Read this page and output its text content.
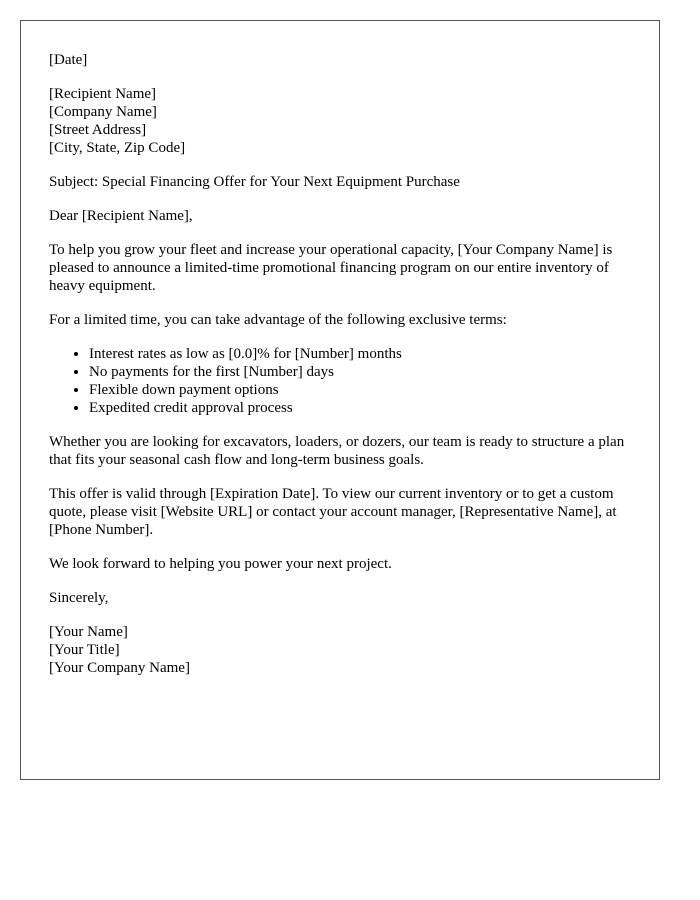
[Date]

[Recipient Name]
[Company Name]
[Street Address]
[City, State, Zip Code]

Subject: Special Financing Offer for Your Next Equipment Purchase

Dear [Recipient Name],

To help you grow your fleet and increase your operational capacity, [Your Company Name] is pleased to announce a limited-time promotional financing program on our entire inventory of heavy equipment.

For a limited time, you can take advantage of the following exclusive terms:

• Interest rates as low as [0.0]% for [Number] months
• No payments for the first [Number] days
• Flexible down payment options
• Expedited credit approval process

Whether you are looking for excavators, loaders, or dozers, our team is ready to structure a plan that fits your seasonal cash flow and long-term business goals.

This offer is valid through [Expiration Date]. To view our current inventory or to get a custom quote, please visit [Website URL] or contact your account manager, [Representative Name], at [Phone Number].

We look forward to helping you power your next project.

Sincerely,

[Your Name]
[Your Title]
[Your Company Name]
